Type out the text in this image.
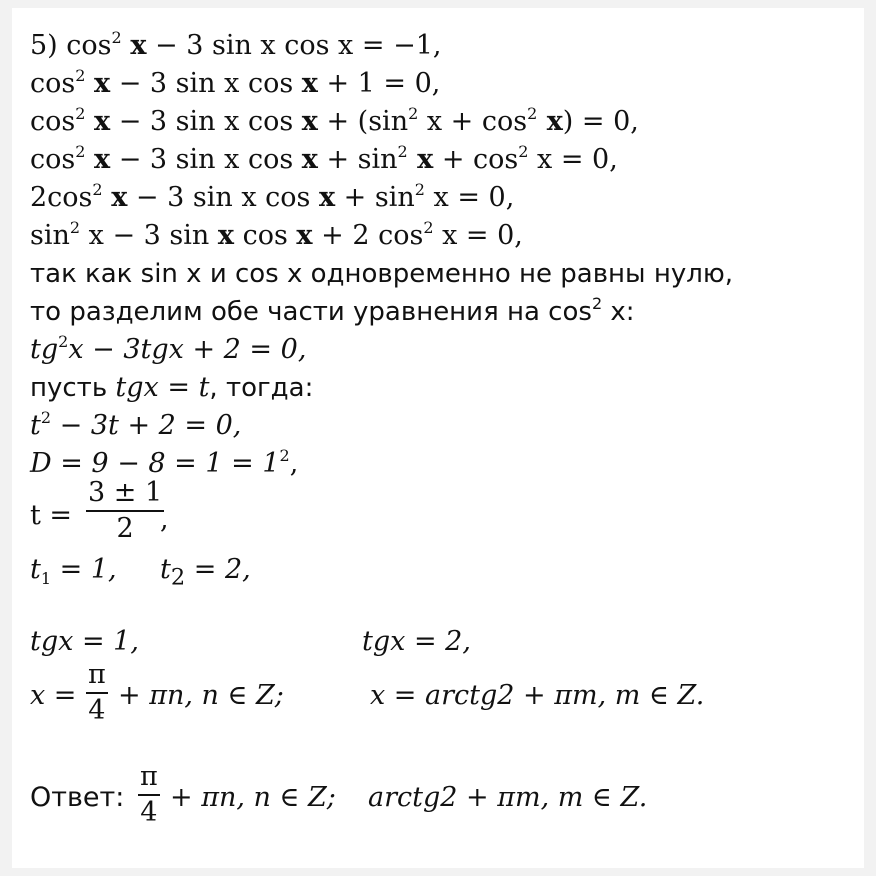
5) $\cos^2 x - 3$ sin x cos x = −1,
$\cos^2 x - 3$ sin x cos x + 1 = 0,
$\cos^2 x - 3$ sin x $\cos x + (\sin^2$ $x + \cos^2 x) = 0$,
$\cos^2 x - 3$ sin x $\cos x + \sin^2 x + \cos^2 x = 0$,
$2\cos^2$ x − 3 sin x $\cos x + \sin^2 x = 0$,
$\sin^2 x - 3$ sin x cos x + 2 $\cos^2 x = 0$,
так как sin x и cos x одновременно не равны нулю,
то разделим обе части уравнения на $\cos^2 x$:
$tg^2x - 3tgx + 2 = 0$,
пусть tgx = t, тогда:
$t^2 - 3t + 2 = 0$,
$D = 9 - 8 = 1 = 1^2$,
t =
3 ± 1
2 ,
$t_1 = 1$, $t_2 = 2$,
tgx = 1,	tgx = 2,
x =
π
4 + πn, n ∈ Z;	x = arctg2 + πm, m ∈ Z.
Ответ:
π
4 + πn, n ∈ Z; arctg2 + πm, m ∈ Z.
